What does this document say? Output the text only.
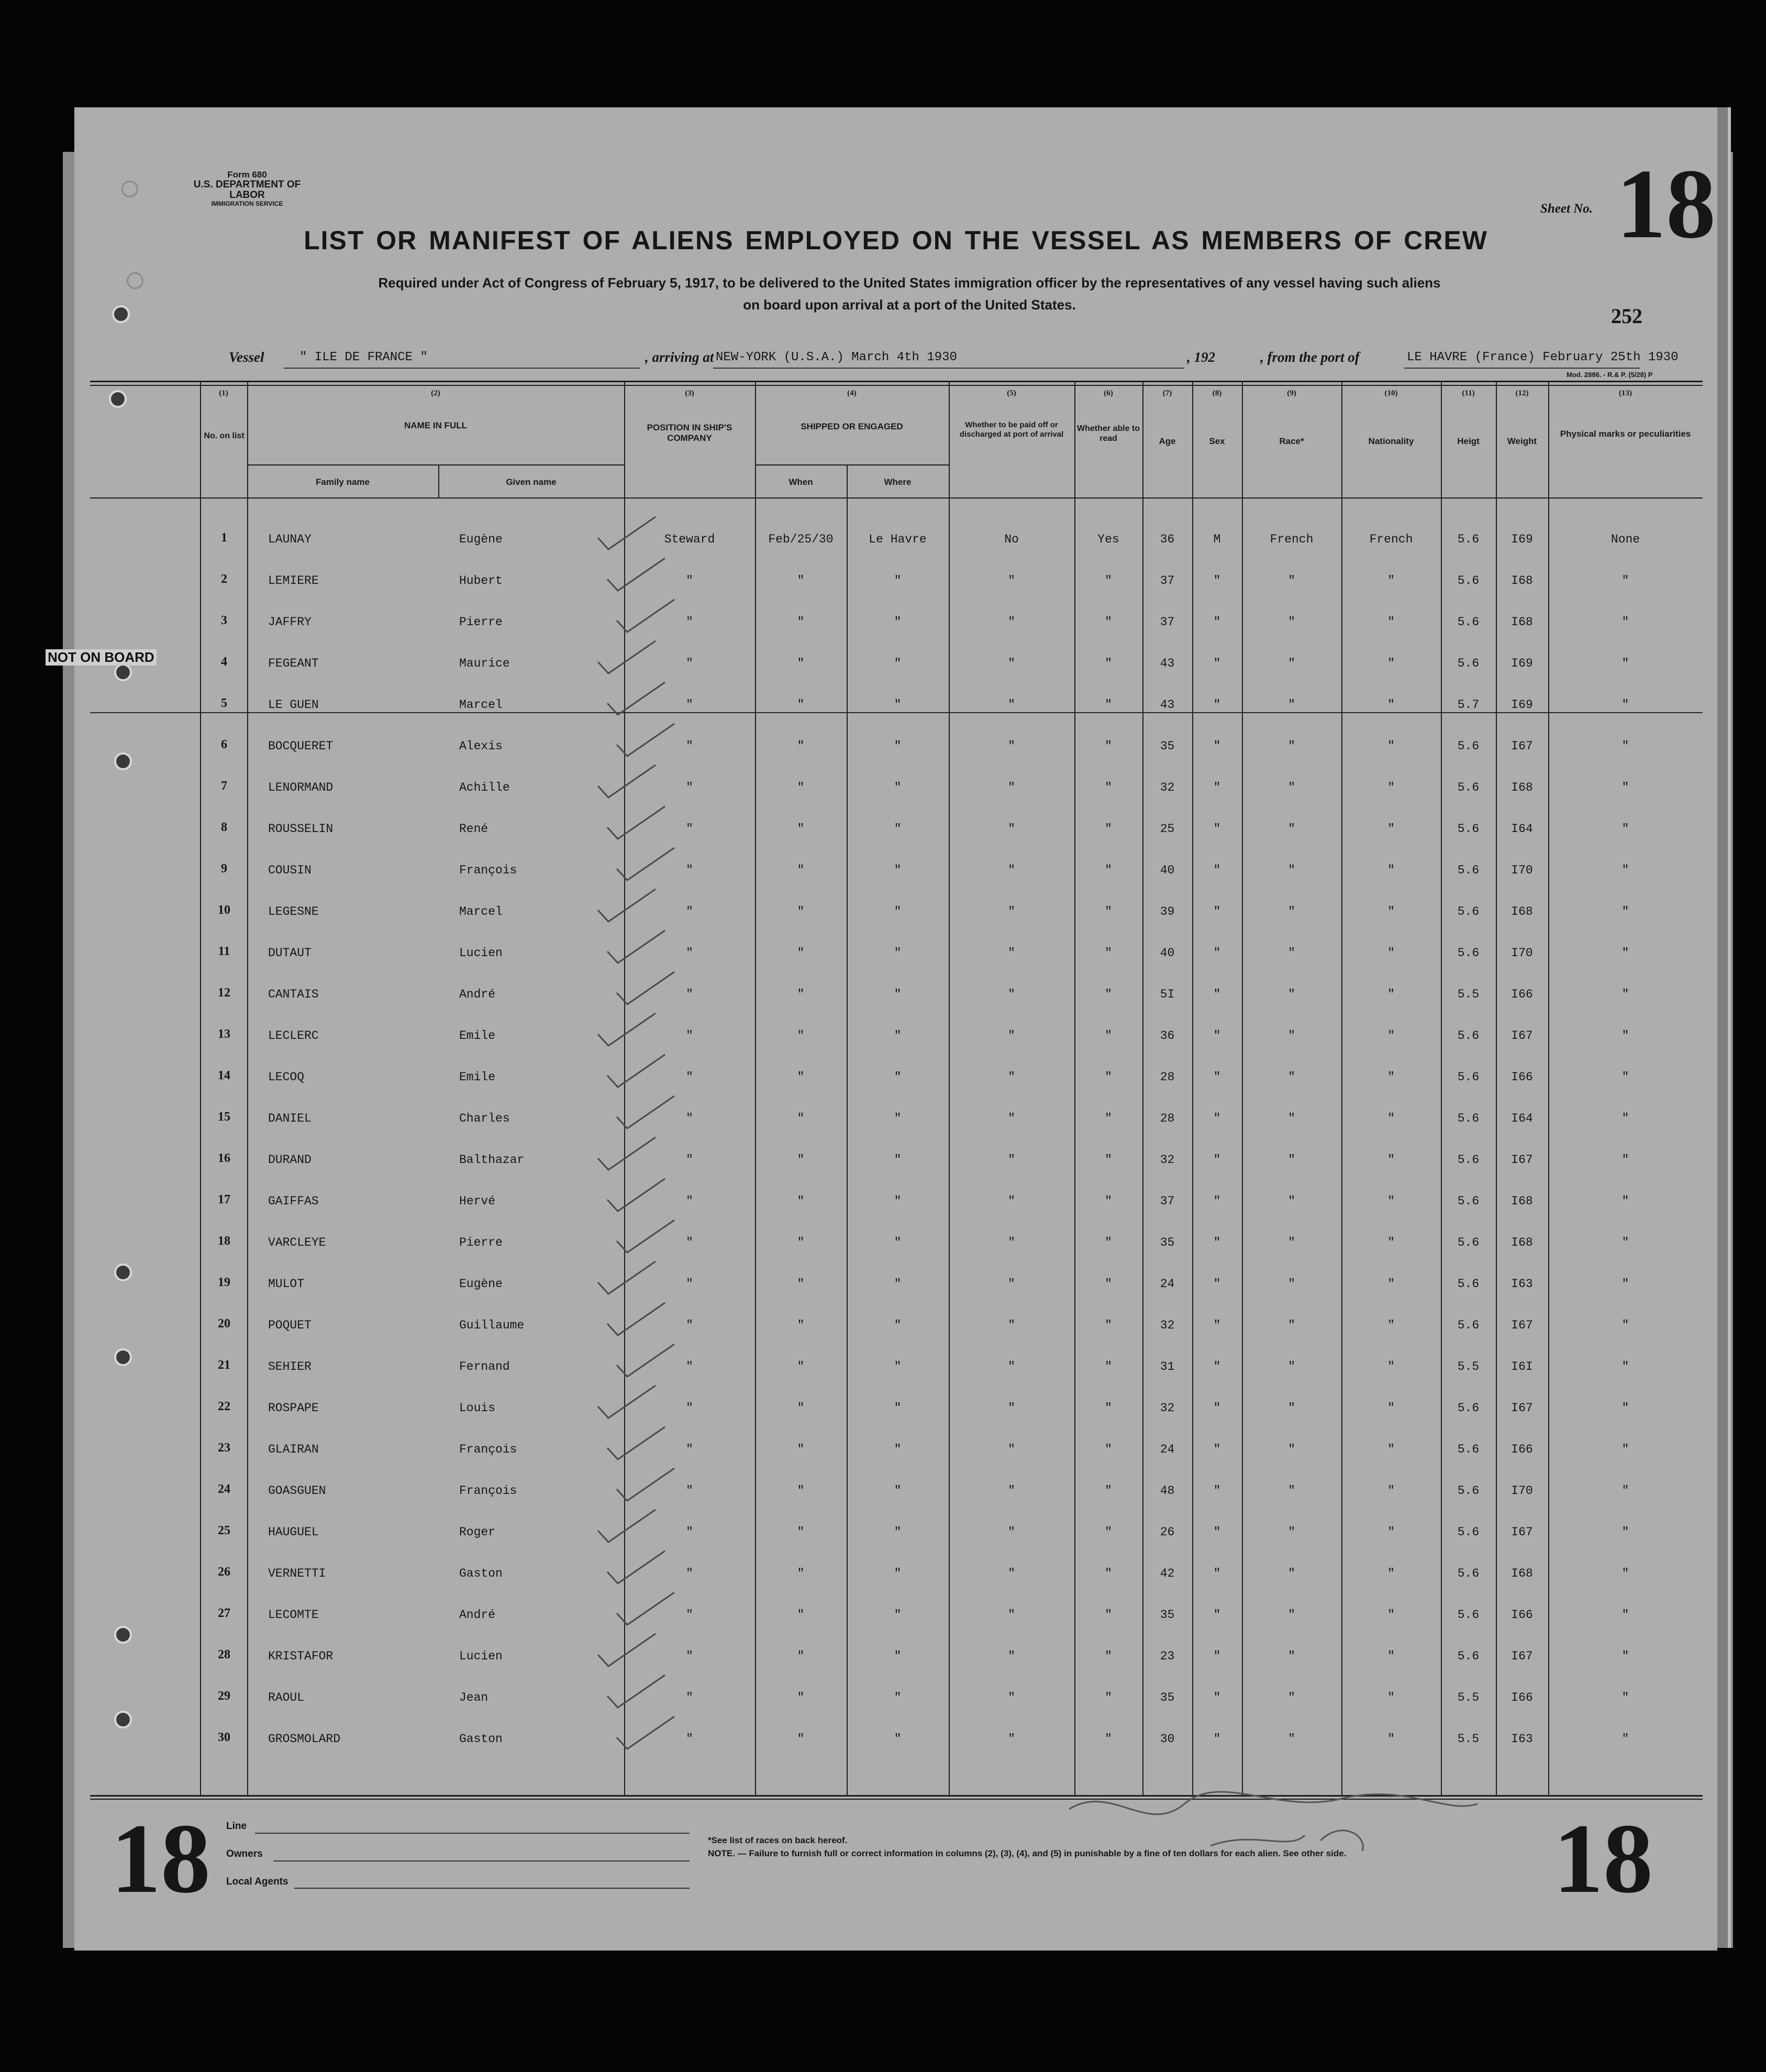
Form 680
U.S. DEPARTMENT OF LABOR
IMMIGRATION SERVICE	Sheet No. 18
252
LIST OR MANIFEST OF ALIENS EMPLOYED ON THE VESSEL AS MEMBERS OF CREW
Required under Act of Congress of February 5, 1917, to be delivered to the United States immigration officer by the representatives of any vessel having such aliens
on board upon arrival at a port of the United States.
Vessel	" ILE DE FRANCE "	, arriving at NEW-YORK (U.S.A.) March 4th 1930	, 192	, from the port of	LE HAVRE (France) February 25th 1930
Mod. 2886. - R.& P. (5/28) P
(1)
No. on list
(2)
NAME IN FULL
Family name	Given name
(3)
POSITION IN SHIP'S COMPANY
(4)
SHIPPED OR ENGAGED
When	Where
(5)
Whether to be paid off or discharged at port of arrival
(6)
Whether able to read
(7)
Age
(8)
Sex
(9)
Race*
(10)
Nationality
(11)
Heigt
(12)
Weight
(13)
Physical marks or peculiarities
1	LAUNAY	Eugène	Steward	Feb/25/30	Le Havre	No	Yes	36	M	French	French	5.6	I69	None
2	LEMIERE	Hubert	"	"	"	"	"	37	"	"	"	5.6	I68	"
3	JAFFRY	Pierre	"	"	"	"	"	37	"	"	"	5.6	I68	"
4	FEGEANT	Maurice	"	"	"	"	"	43	"	"	"	5.6	I69	"
5	LE GUEN	Marcel	"	"	"	"	"	43	"	"	"	5.7	I69	"
6	BOCQUERET	Alexis	"	"	"	"	"	35	"	"	"	5.6	I67	"
7	LENORMAND	Achille	"	"	"	"	"	32	"	"	"	5.6	I68	"
8	ROUSSELIN	René	"	"	"	"	"	25	"	"	"	5.6	I64	"
9	COUSIN	François	"	"	"	"	"	40	"	"	"	5.6	I70	"
10	LEGESNE	Marcel	"	"	"	"	"	39	"	"	"	5.6	I68	"
11	DUTAUT	Lucien	"	"	"	"	"	40	"	"	"	5.6	I70	"
12	CANTAIS	André	"	"	"	"	"	5I	"	"	"	5.5	I66	"
13	LECLERC	Emile	"	"	"	"	"	36	"	"	"	5.6	I67	"
14	LECOQ	Emile	"	"	"	"	"	28	"	"	"	5.6	I66	"
15	DANIEL	Charles	"	"	"	"	"	28	"	"	"	5.6	I64	"
16	DURAND	Balthazar	"	"	"	"	"	32	"	"	"	5.6	I67	"
17	GAIFFAS	Hervé	"	"	"	"	"	37	"	"	"	5.6	I68	"
18	VARCLEYE	Pierre	"	"	"	"	"	35	"	"	"	5.6	I68	"
19	MULOT	Eugène	"	"	"	"	"	24	"	"	"	5.6	I63	"
20	POQUET	Guillaume	"	"	"	"	"	32	"	"	"	5.6	I67	"
21	SEHIER	Fernand	"	"	"	"	"	31	"	"	"	5.5	I6I	"
22	ROSPAPE	Louis	"	"	"	"	"	32	"	"	"	5.6	I67	"
23	GLAIRAN	François	"	"	"	"	"	24	"	"	"	5.6	I66	"
24	GOASGUEN	François	"	"	"	"	"	48	"	"	"	5.6	I70	"
25	HAUGUEL	Roger	"	"	"	"	"	26	"	"	"	5.6	I67	"
26	VERNETTI	Gaston	"	"	"	"	"	42	"	"	"	5.6	I68	"
27	LECOMTE	André	"	"	"	"	"	35	"	"	"	5.6	I66	"
28	KRISTAFOR	Lucien	"	"	"	"	"	23	"	"	"	5.6	I67	"
29	RAOUL	Jean	"	"	"	"	"	35	"	"	"	5.5	I66	"
30	GROSMOLARD	Gaston	"	"	"	"	"	30	"	"	"	5.5	I63	"
NOT ON BOARD
18	18
Line
Owners
Local Agents
*See list of races on back hereof.
NOTE. — Failure to furnish full or correct information in columns (2), (3), (4), and (5) in punishable by a fine of ten dollars for each alien. See other side.
